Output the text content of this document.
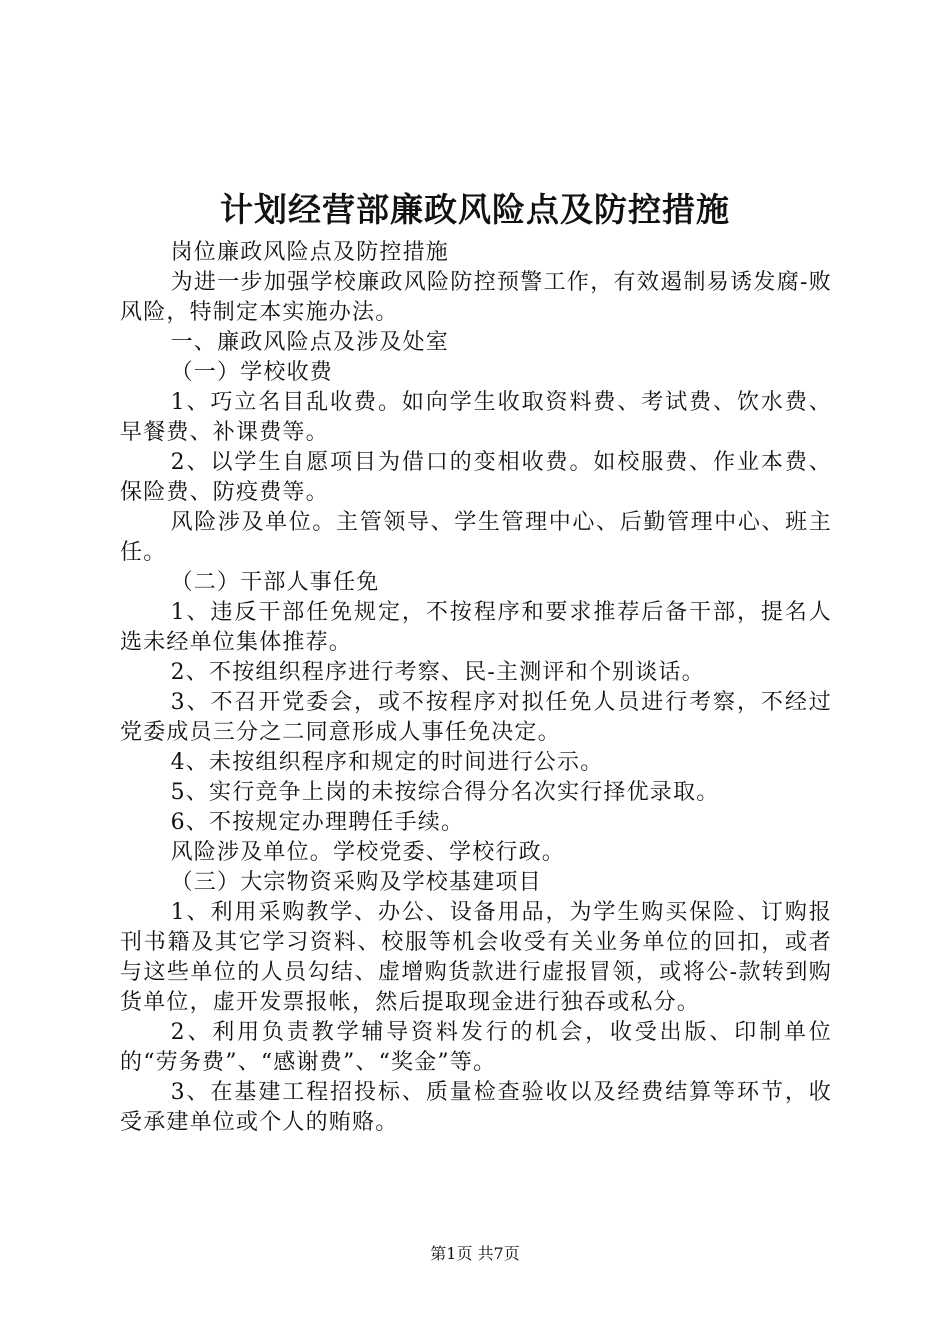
计划经营部廉政风险点及防控措施

岗位廉政风险点及防控措施

为进一步加强学校廉政风险防控预警工作，有效遏制易诱发腐-败风险，特制定本实施办法。

一、廉政风险点及涉及处室

（一）学校收费

1、巧立名目乱收费。如向学生收取资料费、考试费、饮水费、早餐费、补课费等。

2、以学生自愿项目为借口的变相收费。如校服费、作业本费、保险费、防疫费等。

风险涉及单位。主管领导、学生管理中心、后勤管理中心、班主任。

（二）干部人事任免

1、违反干部任免规定，不按程序和要求推荐后备干部，提名人选未经单位集体推荐。

2、不按组织程序进行考察、民-主测评和个别谈话。

3、不召开党委会，或不按程序对拟任免人员进行考察，不经过党委成员三分之二同意形成人事任免决定。

4、未按组织程序和规定的时间进行公示。

5、实行竞争上岗的未按综合得分名次实行择优录取。

6、不按规定办理聘任手续。

风险涉及单位。学校党委、学校行政。

（三）大宗物资采购及学校基建项目

1、利用采购教学、办公、设备用品，为学生购买保险、订购报刊书籍及其它学习资料、校服等机会收受有关业务单位的回扣，或者与这些单位的人员勾结、虚增购货款进行虚报冒领，或将公-款转到购货单位，虚开发票报帐，然后提取现金进行独吞或私分。

2、利用负责教学辅导资料发行的机会，收受出版、印制单位的“劳务费”、“感谢费”、“奖金”等。

3、在基建工程招投标、质量检查验收以及经费结算等环节，收受承建单位或个人的贿赂。

第1页 共7页
